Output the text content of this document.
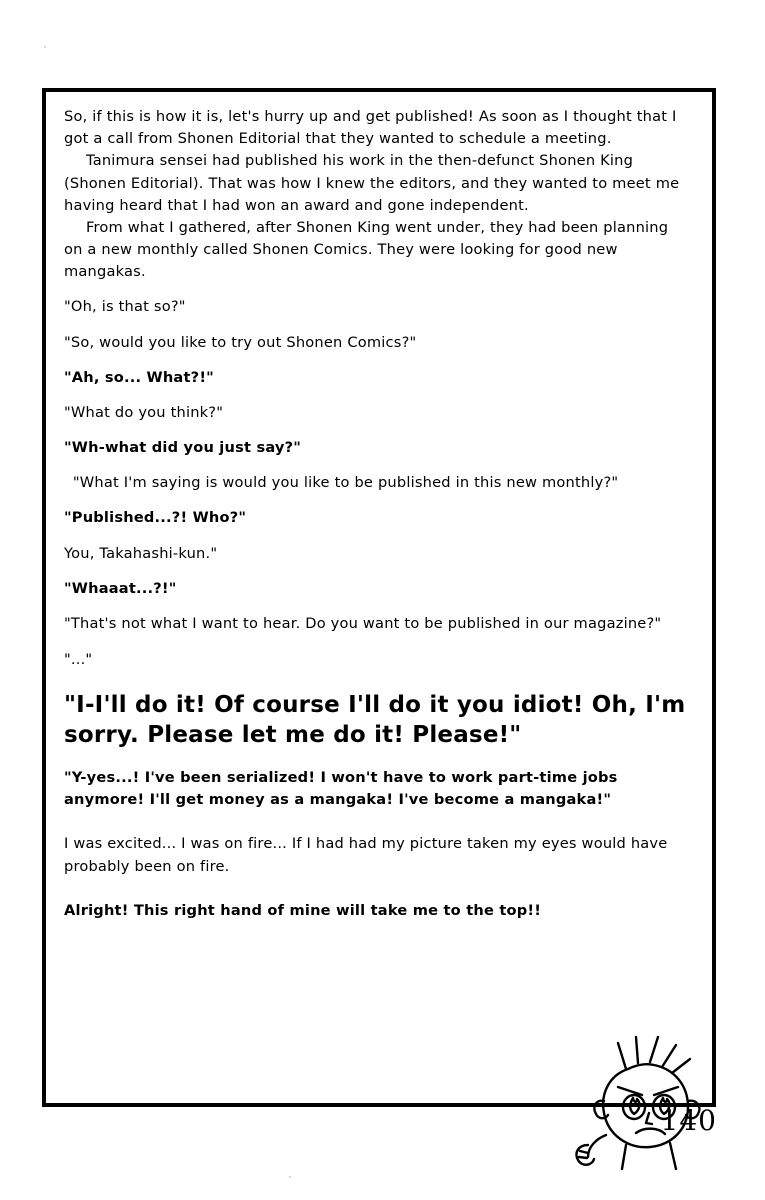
So, if this is how it is, let's hurry up and get published! As soon as I thought that I got a call from Shonen Editorial that they wanted to schedule a meeting.

Tanimura sensei had published his work in the then-defunct Shonen King (Shonen Editorial). That was how I knew the editors, and they wanted to meet me having heard that I had won an award and gone independent.

From what I gathered, after Shonen King went under, they had been planning on a new monthly called Shonen Comics. They were looking for good new mangakas.

"Oh, is that so?"

"So, would you like to try out Shonen Comics?"

"Ah, so... What?!"

"What do you think?"

"Wh-what did you just say?"

"What I'm saying is would you like to be published in this new monthly?"

"Published...?! Who?"

You, Takahashi-kun."

"Whaaat...?!"

"That's not what I want to hear. Do you want to be published in our magazine?"

"..."

"I-I'll do it! Of course I'll do it you idiot! Oh, I'm sorry. Please let me do it! Please!"

"Y-yes...! I've been serialized! I won't have to work part-time jobs anymore! I'll get money as a mangaka! I've become a mangaka!"

I was excited... I was on fire... If I had had my picture taken my eyes would have probably been on fire.

Alright! This right hand of mine will take me to the top!!

140
